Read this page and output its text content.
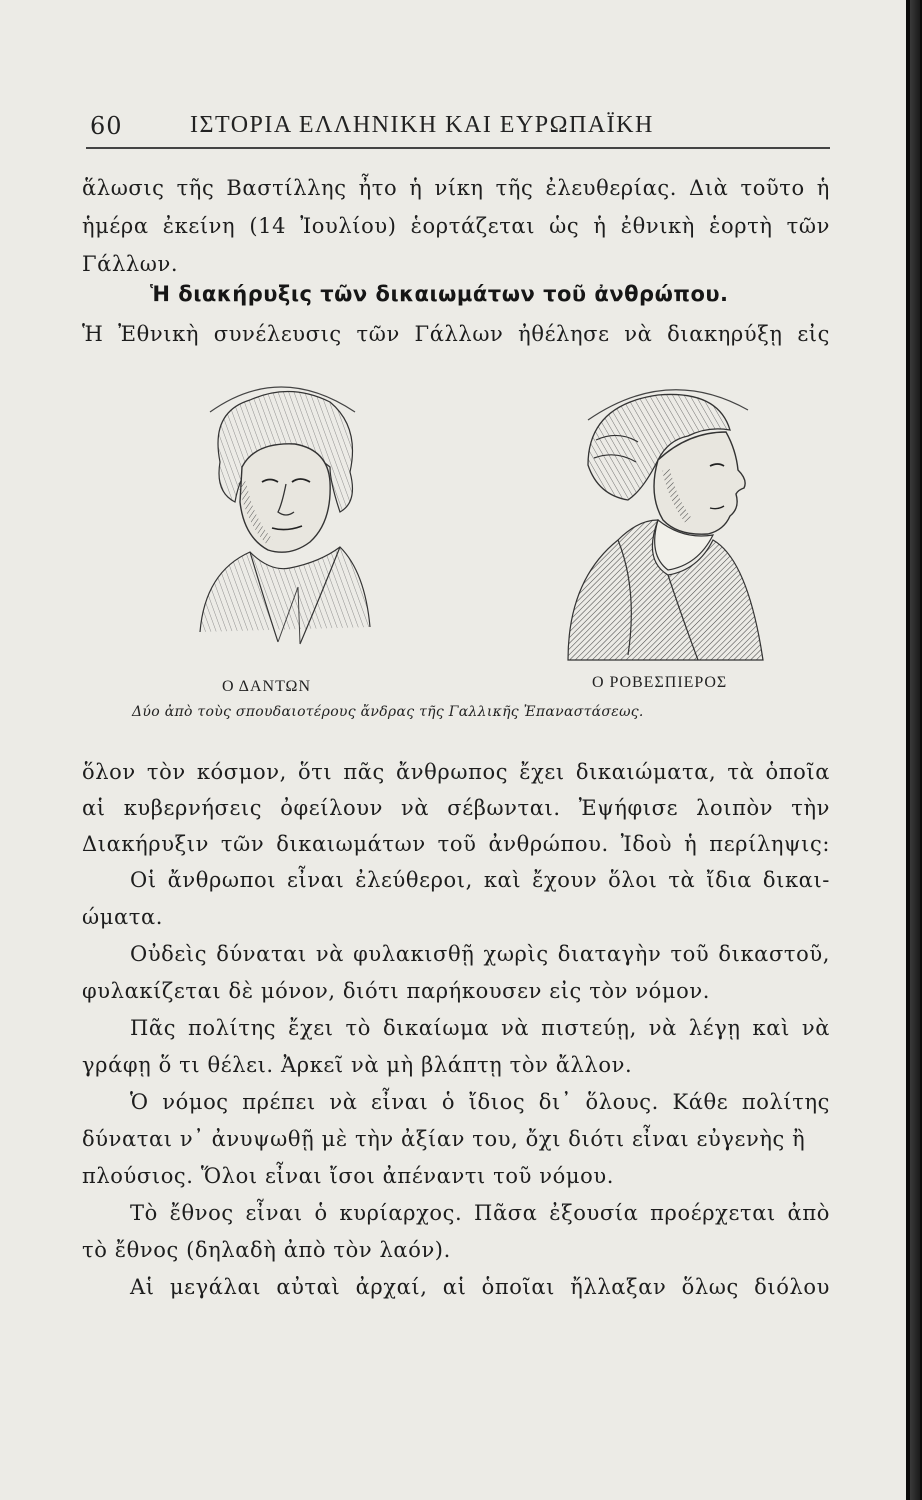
60	ΙΣΤΟΡΙΑ ΕΛΛΗΝΙΚΗ ΚΑΙ ΕΥΡΩΠΑΪΚΗ
ἅλωσις τῆς Βαστίλλης ἦτο ἡ νίκη τῆς ἐλευθερίας. Διὰ τοῦτο ἡ
ἡμέρα ἐκείνη (14 Ἰουλίου) ἑορτάζεται ὡς ἡ ἐθνικὴ ἑορτὴ τῶν
Γάλλων.
Ἡ διακήρυξις τῶν δικαιωμάτων τοῦ ἀνθρώπου.
Ἡ Ἐθνικὴ συνέλευσις τῶν Γάλλων ἠθέλησε νὰ διακηρύξῃ εἰς
Ο ΔΑΝΤΩΝ	Ο ΡΟΒΕΣΠΙΕΡΟΣ
Δύο ἀπὸ τοὺς σπουδαιοτέρους ἄνδρας τῆς Γαλλικῆς Ἐπαναστάσεως.
ὅλον τὸν κόσμον, ὅτι πᾶς ἄνθρωπος ἔχει δικαιώματα, τὰ ὁποῖα
αἱ κυβερνήσεις ὀφείλουν νὰ σέβωνται. Ἐψήφισε λοιπὸν τὴν
Διακήρυξιν τῶν δικαιωμάτων τοῦ ἀνθρώπου. Ἰδοὺ ἡ περίληψις:
Οἱ ἄνθρωποι εἶναι ἐλεύθεροι, καὶ ἔχουν ὅλοι τὰ ἴδια δικαι-
ώματα.
Οὐδεὶς δύναται νὰ φυλακισθῇ χωρὶς διαταγὴν τοῦ δικαστοῦ,
φυλακίζεται δὲ μόνον, διότι παρήκουσεν εἰς τὸν νόμον.
Πᾶς πολίτης ἔχει τὸ δικαίωμα νὰ πιστεύῃ, νὰ λέγῃ καὶ νὰ
γράφῃ ὅ τι θέλει. Ἀρκεῖ νὰ μὴ βλάπτῃ τὸν ἄλλον.
Ὁ νόμος πρέπει νὰ εἶναι ὁ ἴδιος δι᾽ ὅλους. Κάθε πολίτης
δύναται ν᾽ ἀνυψωθῇ μὲ τὴν ἀξίαν του, ὄχι διότι εἶναι εὐγενὴς ἢ
πλούσιος. Ὅλοι εἶναι ἴσοι ἀπέναντι τοῦ νόμου.
Τὸ ἔθνος εἶναι ὁ κυρίαρχος. Πᾶσα ἐξουσία προέρχεται ἀπὸ
τὸ ἔθνος (δηλαδὴ ἀπὸ τὸν λαόν).
Αἱ μεγάλαι αὐταὶ ἀρχαί, αἱ ὁποῖαι ἤλλαξαν ὅλως διόλου
